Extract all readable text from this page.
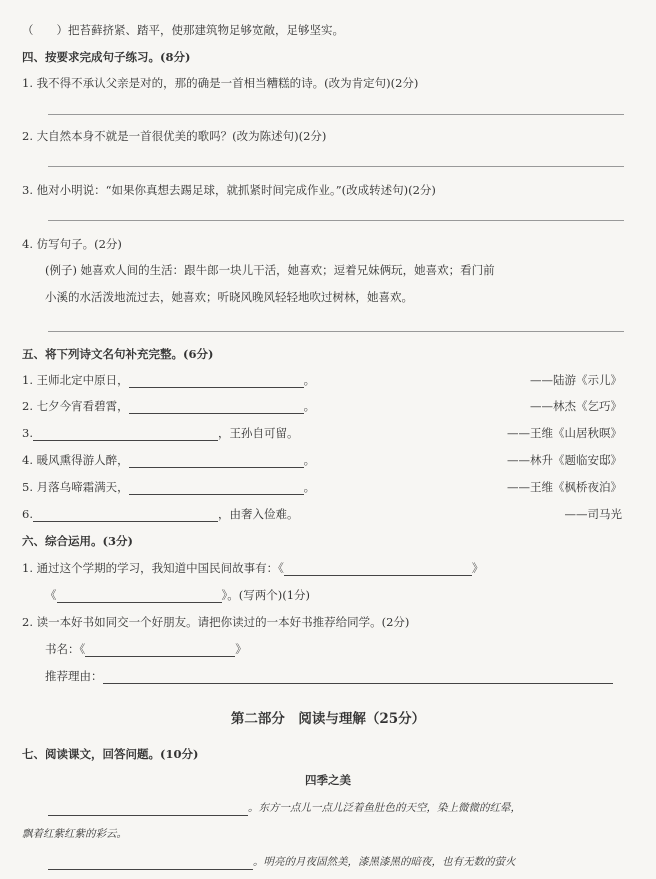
（　　）把苔藓挤紧、踏平，使那建筑物足够宽敞，足够坚实。
四、按要求完成句子练习。(8分)
1. 我不得不承认父亲是对的，那的确是一首相当糟糕的诗。(改为肯定句)(2分)
2. 大自然本身不就是一首很优美的歌吗？(改为陈述句)(2分)
3. 他对小明说：“如果你真想去踢足球，就抓紧时间完成作业。”(改成转述句)(2分)
4. 仿写句子。(2分)
(例子) 她喜欢人间的生活：跟牛郎一块儿干活，她喜欢；逗着兄妹俩玩，她喜欢；看门前
小溪的水活泼地流过去，她喜欢；听晓风晚风轻轻地吹过树林，她喜欢。
五、将下列诗文名句补充完整。(6分)
1. 王师北定中原日，	。	——陆游《示儿》
2. 七夕今宵看碧霄，	。	——林杰《乞巧》
3.	，王孙自可留。	——王维《山居秋暝》
4. 暖风熏得游人醉，	。	——林升《题临安邸》
5. 月落乌啼霜满天，	。	——王维《枫桥夜泊》
6.	，由奢入俭难。	——司马光
六、综合运用。(3分)
1. 通过这个学期的学习，我知道中国民间故事有：《	》
《	》。(写两个)(1分)
2. 读一本好书如同交一个好朋友。请把你读过的一本好书推荐给同学。(2分)
书名：《	》
推荐理由：
第二部分　阅读与理解（25分）
七、阅读课文，回答问题。(10分)
四季之美
。东方一点儿一点儿泛着鱼肚色的天空，染上微微的红晕，
飘着红紫红紫的彩云。
。明亮的月夜固然美，漆黑漆黑的暗夜，也有无数的萤火
